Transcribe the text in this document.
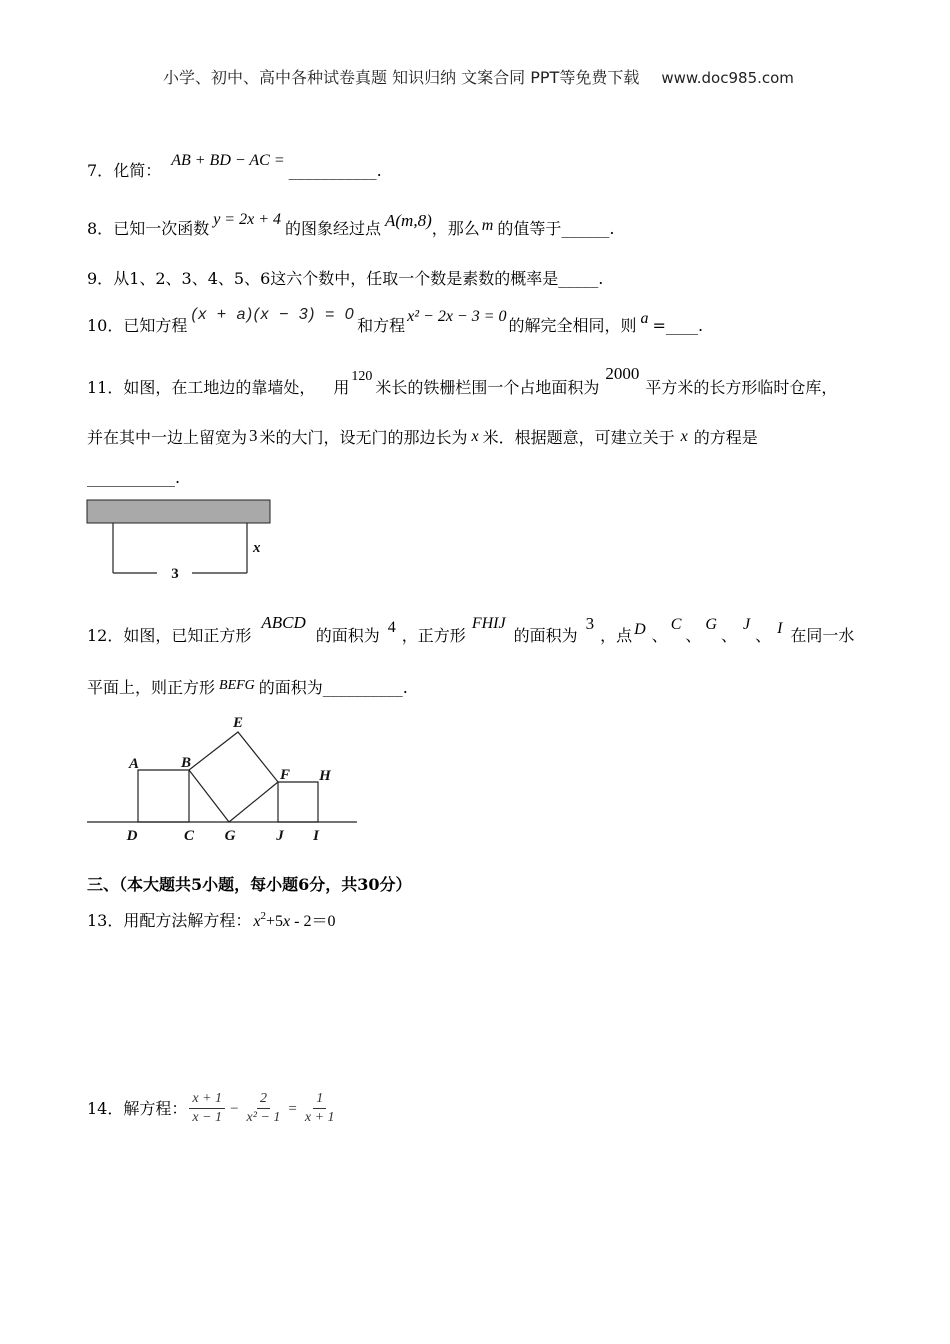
小学、初中、高中各种试卷真题 知识归纳 文案合同 PPT等免费下载 www.doc985.com
7． 化简：
AB + BD − AC =
___________ .
8． 已知一次函数 y = 2x + 4 的图象经过点 A(m,8) ，那么 m 的值等于 ______ .
9． 从1、2、3、4、5、6这六个数中，任取一个数是素数的概率是 _____ .
10． 已知方程
(x + a)(x − 3) = 0
和方程 x² − 2x − 3 = 0 的解完全相同，则 a = ____ .
11． 如图，在工地边的靠墙处， 用
120
米长的铁栅栏围一个占地面积为
2000
平方米的长方形临时仓库，
并在其中一边上留宽为 3 米的大门，设无门的那边长为 x 米．根据题意，可建立关于 x 的方程是
___________ .
3
x
12． 如图，已知正方形
ABCD
的面积为 4 ，正方形
FHIJ
的面积为
3
，点 D 、
C
、
G
、
J
、 I 在同一水
平面上，则正方形 BEFG 的面积为 __________ .
A	B
E
F H
D	C G	J I
三、（本大题共5小题，每小题6分，共30分）
13． 用配方法解方程： x 2 +5 x - 2＝0
14． 解方程： $\frac{x + 1}{x - 1} - \frac{2}{\text{x² − 1}} = \frac{1}{x + 1}$
